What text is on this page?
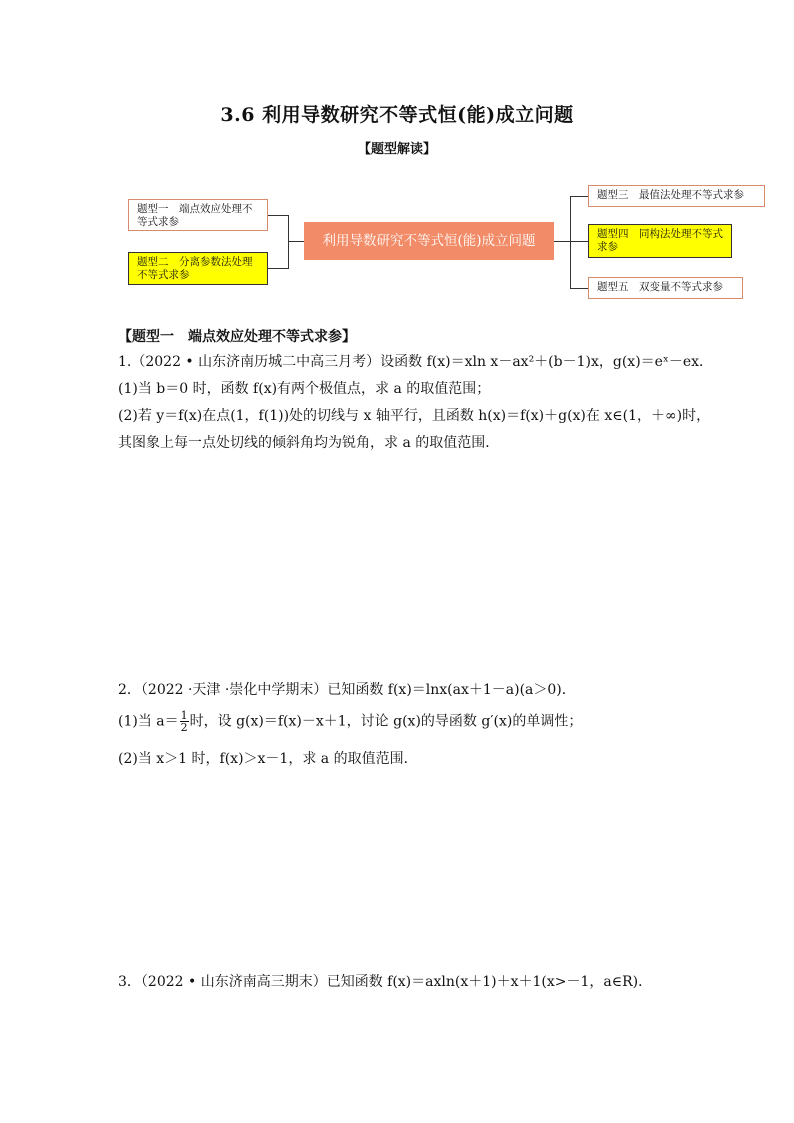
3.6 利用导数研究不等式恒(能)成立问题
【题型解读】
利用导数研究不等式恒(能)成立问题
题型一　端点效应处理不等式求参
题型二　分离参数法处理不等式求参
题型三　最值法处理不等式求参
题型四　同构法处理不等式求参
题型五　双变量不等式求参
【题型一　端点效应处理不等式求参】
1.（2022 • 山东济南历城二中高三月考）设函数 f(x)＝xln x－ax²＋(b－1)x，g(x)＝eˣ－ex．
(1)当 b＝0 时，函数 f(x)有两个极值点，求 a 的取值范围；
(2)若 y＝f(x)在点(1，f(1))处的切线与 x 轴平行，且函数 h(x)＝f(x)＋g(x)在 x∈(1，＋∞)时，
其图象上每一点处切线的倾斜角均为锐角，求 a 的取值范围．
2．（2022 ·天津 ·崇化中学期末）已知函数 f(x)＝lnx(ax＋1－a)(a＞0)．
(1)当 $a= \frac{1}{2}$ 时，设 g(x)＝f(x)－x＋1，讨论 g(x)的导函数 g′(x)的单调性；
(2)当 x＞1 时，f(x)＞x－1，求 a 的取值范围．
3．（2022 • 山东济南高三期末）已知函数 f(x)＝axln(x＋1)＋x＋1(x>－1，a∈R)．
